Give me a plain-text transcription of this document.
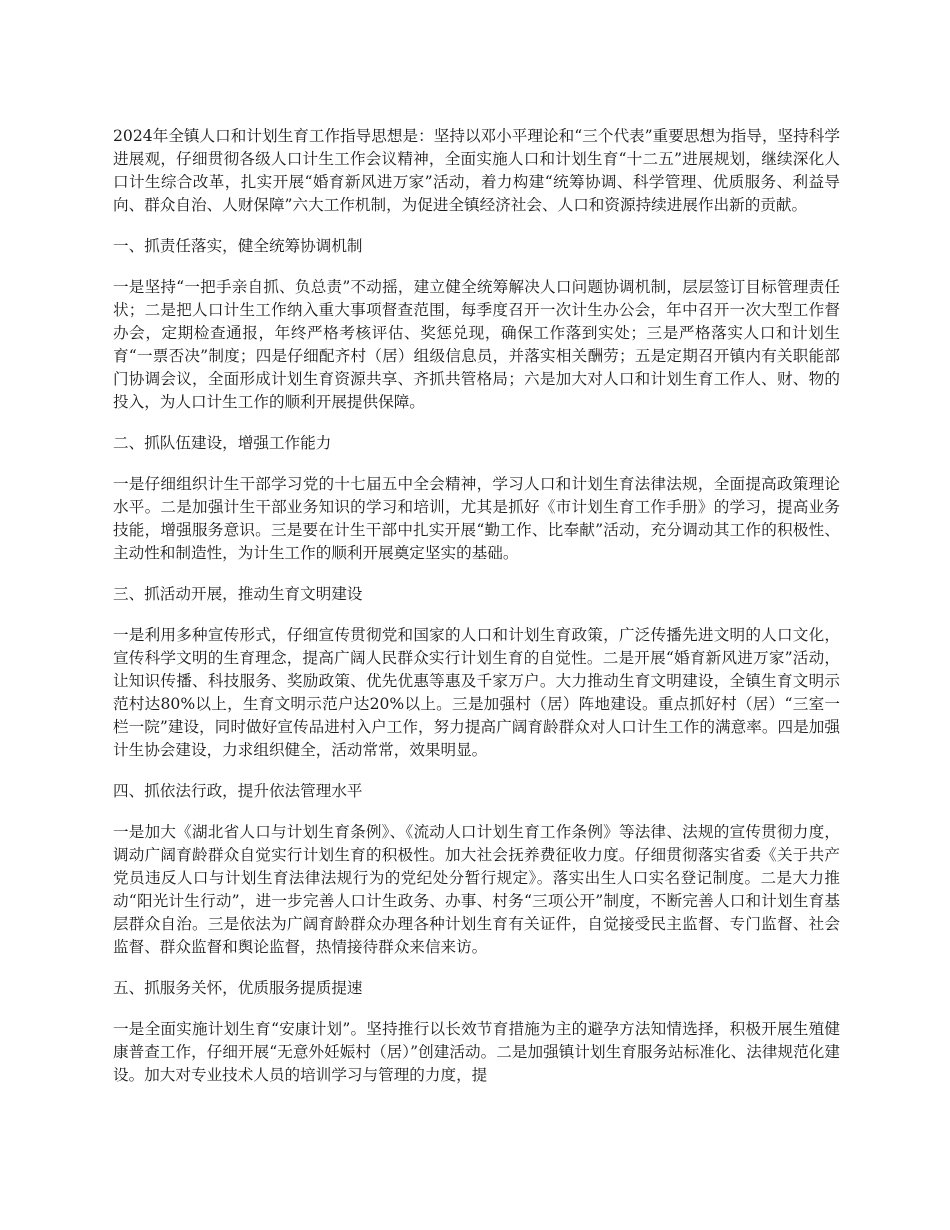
2024年全镇人口和计划生育工作指导思想是：坚持以邓小平理论和“三个代表”重要思想为指导，坚持科学进展观，仔细贯彻各级人口计生工作会议精神，全面实施人口和计划生育“十二五”进展规划，继续深化人口计生综合改革，扎实开展“婚育新风进万家”活动，着力构建“统筹协调、科学管理、优质服务、利益导向、群众自治、人财保障”六大工作机制，为促进全镇经济社会、人口和资源持续进展作出新的贡献。

一、抓责任落实，健全统筹协调机制

一是坚持“一把手亲自抓、负总责”不动摇，建立健全统筹解决人口问题协调机制，层层签订目标管理责任状；二是把人口计生工作纳入重大事项督查范围，每季度召开一次计生办公会，年中召开一次大型工作督办会，定期检查通报，年终严格考核评估、奖惩兑现，确保工作落到实处；三是严格落实人口和计划生育“一票否决”制度；四是仔细配齐村（居）组级信息员，并落实相关酬劳；五是定期召开镇内有关职能部门协调会议，全面形成计划生育资源共享、齐抓共管格局；六是加大对人口和计划生育工作人、财、物的投入，为人口计生工作的顺利开展提供保障。

二、抓队伍建设，增强工作能力

一是仔细组织计生干部学习党的十七届五中全会精神，学习人口和计划生育法律法规，全面提高政策理论水平。二是加强计生干部业务知识的学习和培训，尤其是抓好《市计划生育工作手册》的学习，提高业务技能，增强服务意识。三是要在计生干部中扎实开展“勤工作、比奉献”活动，充分调动其工作的积极性、主动性和制造性，为计生工作的顺利开展奠定坚实的基础。

三、抓活动开展，推动生育文明建设

一是利用多种宣传形式，仔细宣传贯彻党和国家的人口和计划生育政策，广泛传播先进文明的人口文化，宣传科学文明的生育理念，提高广阔人民群众实行计划生育的自觉性。二是开展“婚育新风进万家”活动，让知识传播、科技服务、奖励政策、优先优惠等惠及千家万户。大力推动生育文明建设，全镇生育文明示范村达80%以上，生育文明示范户达20%以上。三是加强村（居）阵地建设。重点抓好村（居）“三室一栏一院”建设，同时做好宣传品进村入户工作，努力提高广阔育龄群众对人口计生工作的满意率。四是加强计生协会建设，力求组织健全，活动常常，效果明显。

四、抓依法行政，提升依法管理水平

一是加大《湖北省人口与计划生育条例》、《流动人口计划生育工作条例》等法律、法规的宣传贯彻力度，调动广阔育龄群众自觉实行计划生育的积极性。加大社会抚养费征收力度。仔细贯彻落实省委《关于共产党员违反人口与计划生育法律法规行为的党纪处分暂行规定》。落实出生人口实名登记制度。二是大力推动“阳光计生行动”，进一步完善人口计生政务、办事、村务“三项公开”制度，不断完善人口和计划生育基层群众自治。三是依法为广阔育龄群众办理各种计划生育有关证件，自觉接受民主监督、专门监督、社会监督、群众监督和舆论监督，热情接待群众来信来访。

五、抓服务关怀，优质服务提质提速

一是全面实施计划生育“安康计划”。坚持推行以长效节育措施为主的避孕方法知情选择，积极开展生殖健康普查工作，仔细开展“无意外妊娠村（居）”创建活动。二是加强镇计划生育服务站标准化、法律规范化建设。加大对专业技术人员的培训学习与管理的力度，提
